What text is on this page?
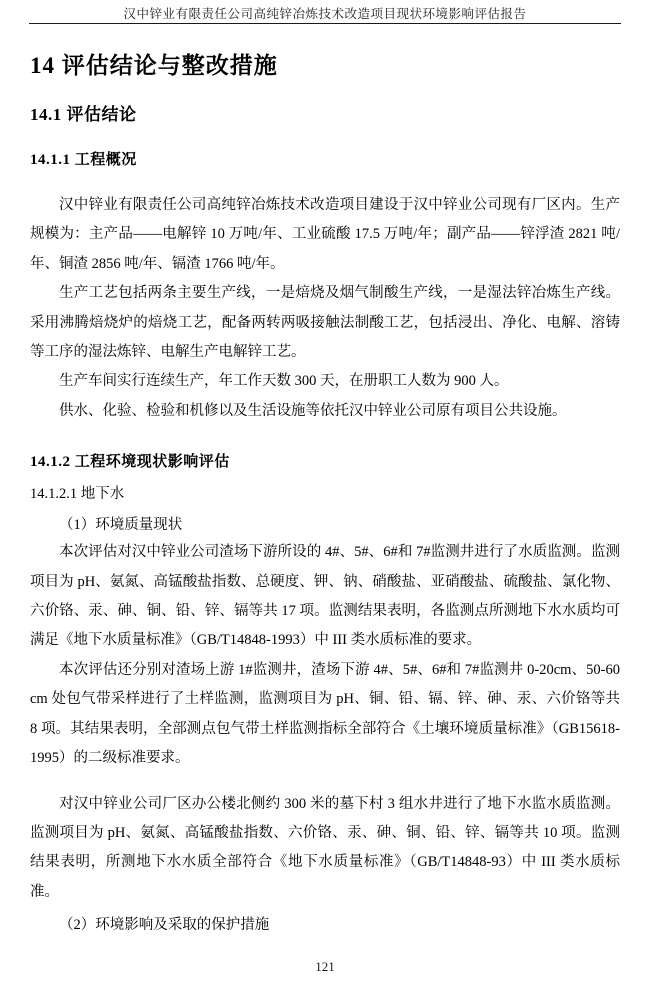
汉中锌业有限责任公司高纯锌冶炼技术改造项目现状环境影响评估报告
14 评估结论与整改措施
14.1 评估结论
14.1.1 工程概况

汉中锌业有限责任公司高纯锌冶炼技术改造项目建设于汉中锌业公司现有厂区内。生产规模为：主产品——电解锌 10 万吨/年、工业硫酸 17.5 万吨/年；副产品——锌浮渣 2821 吨/年、铜渣 2856 吨/年、镉渣 1766 吨/年。

生产工艺包括两条主要生产线，一是焙烧及烟气制酸生产线，一是湿法锌冶炼生产线。采用沸腾焙烧炉的焙烧工艺，配备两转两吸接触法制酸工艺，包括浸出、净化、电解、溶铸等工序的湿法炼锌、电解生产电解锌工艺。

生产车间实行连续生产，年工作天数 300 天，在册职工人数为 900 人。

供水、化验、检验和机修以及生活设施等依托汉中锌业公司原有项目公共设施。

14.1.2 工程环境现状影响评估
14.1.2.1 地下水
（1）环境质量现状

本次评估对汉中锌业公司渣场下游所设的 4#、5#、6#和 7#监测井进行了水质监测。监测项目为 pH、氨氮、高锰酸盐指数、总硬度、钾、钠、硝酸盐、亚硝酸盐、硫酸盐、氯化物、六价铬、汞、砷、铜、铅、锌、镉等共 17 项。监测结果表明，各监测点所测地下水水质均可满足《地下水质量标准》（GB/T14848-1993）中 III 类水质标准的要求。

本次评估还分别对渣场上游 1#监测井，渣场下游 4#、5#、6#和 7#监测井 0-20cm、50-60cm 处包气带采样进行了土样监测，监测项目为 pH、铜、铅、镉、锌、砷、汞、六价铬等共 8 项。其结果表明，全部测点包气带土样监测指标全部符合《土壤环境质量标准》（GB15618-1995）的二级标准要求。

对汉中锌业公司厂区办公楼北侧约 300 米的墓下村 3 组水井进行了地下水监水质监测。监测项目为 pH、氨氮、高锰酸盐指数、六价铬、汞、砷、铜、铅、锌、镉等共 10 项。监测结果表明，所测地下水水质全部符合《地下水质量标准》（GB/T14848-93）中 III 类水质标准。

（2）环境影响及采取的保护措施
121
